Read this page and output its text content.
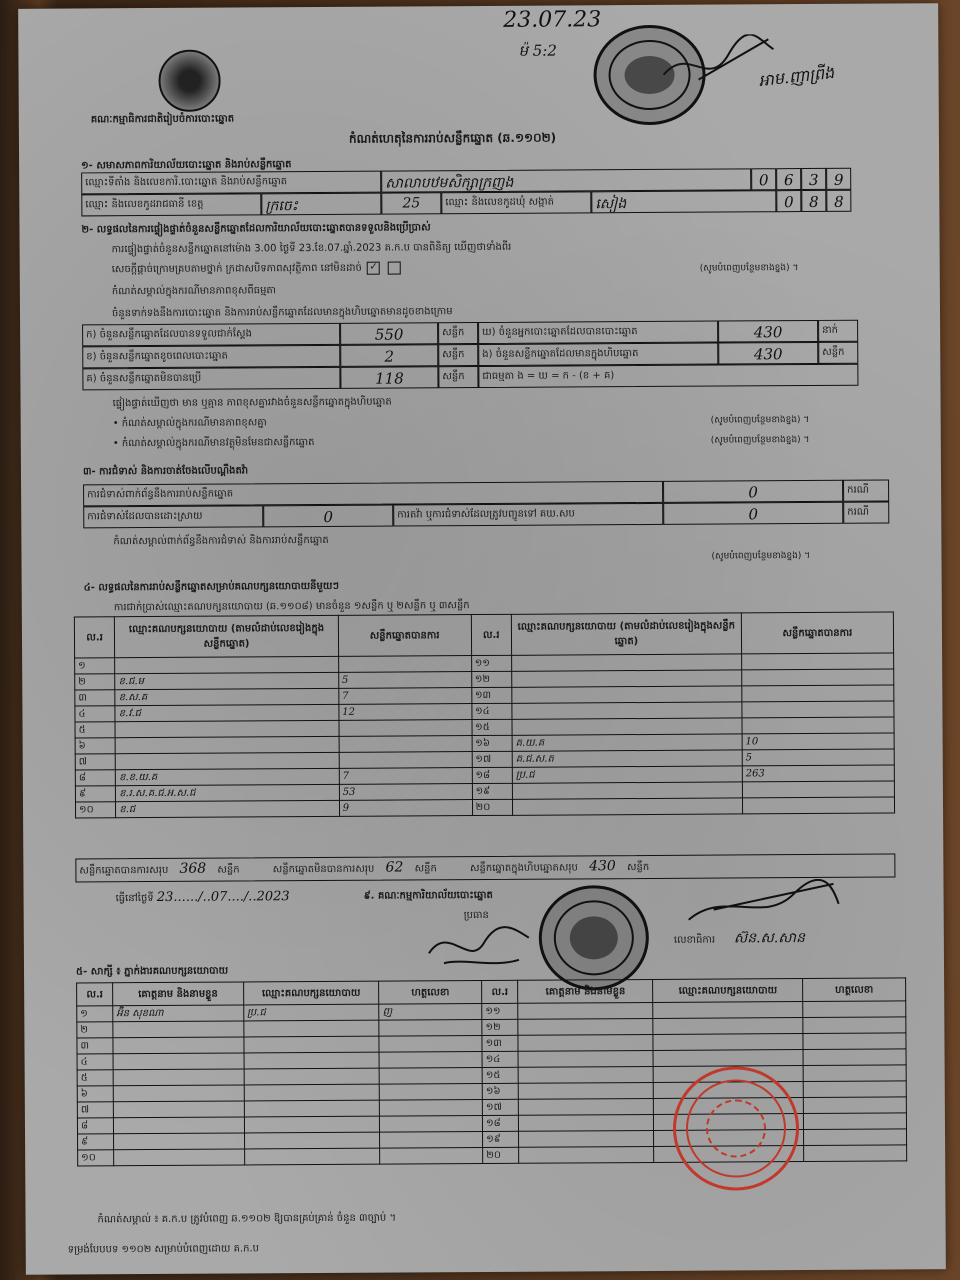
23.07.23
ម៉ 5:2
អាម.ញាព្រីង
គណៈកម្មាធិការជាតិរៀបចំការបោះឆ្នោត
កំណត់ហេតុនៃការរាប់សន្លឹកឆ្នោត (ឆ.១១០២)
១- សមាសភាពការិយាល័យបោះឆ្នោត និងរាប់សន្លឹកឆ្នោត
ឈ្មោះទីតាំង និងលេខការិ.បោះឆ្នោត និងរាប់សន្លឹកឆ្នោត	សាលាបឋមសិក្សាក្រញូង	0	6	3	9
ឈ្មោះ និងលេខកូដរាជធានី ខេត្ត	ក្រចេះ	25	ឈ្មោះ និងលេខកូដឃុំ សង្កាត់	សៀង	0	8	8
២- លទ្ធផលនៃការផ្ទៀងផ្ទាត់ចំនួនសន្លឹកឆ្នោតដែលការិយាល័យបោះឆ្នោតបានទទួលនិងប្រើប្រាស់
ការផ្ទៀងផ្ទាត់ចំនួនសន្លឹកឆ្នោតនៅម៉ោង 3.00 ថ្ងៃទី 23.ខែ.07.ឆ្នាំ.2023 គ.ក.ប បានពិនិត្យ ឃើញថាទាំងពីរ
សេចក្តីផ្តាច់ក្រោមគ្របតាមថ្នាក់ ក្រដាសបិទភាពសុវត្ថិភាព នៅមិនដាច់ ✓
កំណត់សម្គាល់ក្នុងករណីមានភាពខុសពីធម្មតា
(សូមបំពេញបន្ថែមខាងខ្នង) ។
ចំនួនទាក់ទងនឹងការបោះឆ្នោត និងការរាប់សន្លឹកឆ្នោតដែលមានក្នុងហិបឆ្នោតមានដូចខាងក្រោម
ក) ចំនួនសន្លឹកឆ្នោតដែលបានទទួលជាក់ស្តែង	550	សន្លឹក
ខ) ចំនួនសន្លឹកឆ្នោតខូចពេលបោះឆ្នោត	2	សន្លឹក
គ) ចំនួនសន្លឹកឆ្នោតមិនបានប្រើ	118	សន្លឹក
ឃ) ចំនួនអ្នកបោះឆ្នោតដែលបានបោះឆ្នោត	430	នាក់
ង) ចំនួនសន្លឹកឆ្នោតដែលមានក្នុងហិបឆ្នោត	430	សន្លឹក
ជាធម្មតា ង = ឃ = ក - (ខ + គ)
ផ្ទៀងផ្ទាត់ឃើញថា មាន ឬគ្មាន ភាពខុសគ្នារវាងចំនួនសន្លឹកឆ្នោតក្នុងហិបឆ្នោត
• កំណត់សម្គាល់ក្នុងករណីមានភាពខុសគ្នា	(សូមបំពេញបន្ថែមខាងខ្នង) ។
• កំណត់សម្គាល់ក្នុងករណីមានវត្ថុមិនមែនជាសន្លឹកឆ្នោត	(សូមបំពេញបន្ថែមខាងខ្នង) ។
៣- ការជំទាស់ និងការចាត់ចែងលើបណ្តឹងតវ៉ា
ការជំទាស់ពាក់ព័ន្ធនឹងការរាប់សន្លឹកឆ្នោត	0	ករណី
ការជំទាស់ដែលបានដោះស្រាយ	0	ការតវ៉ា ឬការជំទាស់ដែលត្រូវបញ្ជូនទៅ គឃ.សប	0	ករណី
កំណត់សម្គាល់ពាក់ព័ន្ធនឹងការជំទាស់ និងការរាប់សន្លឹកឆ្នោត
(សូមបំពេញបន្ថែមខាងខ្នង) ។
៤- លទ្ធផលនៃការរាប់សន្លឹកឆ្នោតសម្រាប់គណបក្សនយោបាយនីមួយៗ
ការជាក់ប្រាស់ឈ្មោះគណបក្សនយោបាយ (ឆ.១១០៨) មានចំនួន ១សន្លឹក ឬ ២សន្លឹក ឬ ៣សន្លឹក
ល.រ	ឈ្មោះគណបក្សនយោបាយ (តាមលំដាប់លេខរៀងក្នុងសន្លឹកឆ្នោត)	សន្លឹកឆ្នោតបានការ	ល.រ	ឈ្មោះគណបក្សនយោបាយ (តាមលំដាប់លេខរៀងក្នុងសន្លឹកឆ្នោត)	សន្លឹកឆ្នោតបានការ
១			១១		
២	ខ.ជ.ម	5	១២		
៣	ខ.ស.គ	7	១៣		
៤	ខ.វ.ជ	12	១៤		
៥			១៥		
៦			១៦	គ.យ.គ	10
៧			១៧	គ.ជ.ស.ត	5
៨	ខ.ខ.យ.គ	7	១៨	ប្រ.ជ	263
៩	ខ.រ.ស.គ.ជ.អ.ស.ជ	53	១៩		
១០	ខ.ជ	9	២០		
សន្លឹកឆ្នោតបានការសរុប 368 សន្លឹក	សន្លឹកឆ្នោតមិនបានការសរុប 62 សន្លឹក	សន្លឹកឆ្នោតក្នុងហិបឆ្នោតសរុប 430 សន្លឹក
ធ្វើនៅថ្ងៃទី 23....../..07..../..2023	៩. គណៈកម្មការិយាល័យបោះឆ្នោត
ប្រធាន
លេខាធិការ ស៊ន.ស.សាន
៥- សាក្សី ៖ ភ្នាក់ងារគណបក្សនយោបាយ
ល.រ	គោត្តនាម និងនាមខ្លួន	ឈ្មោះគណបក្សនយោបាយ	ហត្ថលេខា	ល.រ	គោត្តនាម និងនាមខ្លួន	ឈ្មោះគណបក្សនយោបាយ	ហត្ថលេខា
១	អ៊ិន សុខណា	ប្រ.ជ	ញ	១១			
២				១២			
៣				១៣			
៤				១៤			
៥				១៥			
៦				១៦			
៧				១៧			
៨				១៨			
៩				១៩			
១០				២០			
កំណត់សម្គាល់ ៖ គ.ក.ប ត្រូវបំពេញ ឆ.១១០២ ឱ្យបានគ្រប់គ្រាន់ ចំនួន ៣ច្បាប់ ។
ទម្រង់បែបបទ ១១០២ សម្រាប់បំពេញដោយ គ.ក.ប
